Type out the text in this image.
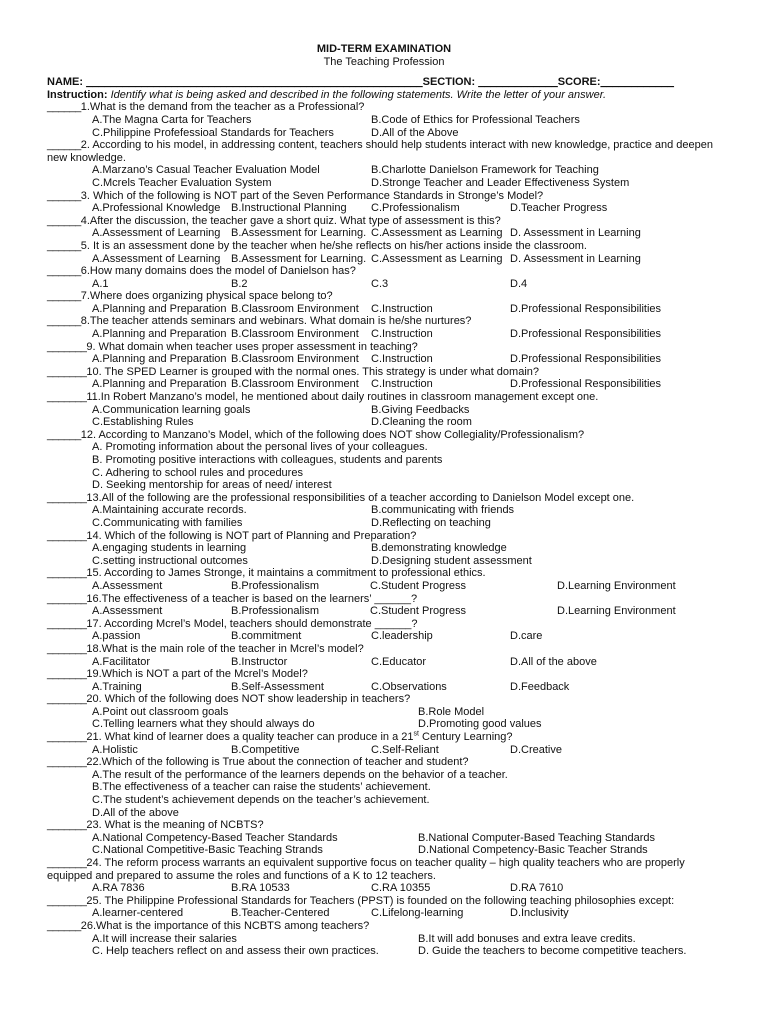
MID-TERM EXAMINATION
The Teaching Profession
NAME: _______________________________________________________SECTION: _____________SCORE:____________
Instruction: Identify what is being asked and described in the following statements. Write the letter of your answer.
______1.What is the demand from the teacher as a Professional?
A.The Magna Carta for Teachers	B.Code of Ethics for Professional Teachers
C.Philippine Profefessioal Standards for Teachers	D.All of the Above
______2. According to his model, in addressing content, teachers should help students interact with new knowledge, practice and deepen new knowledge.
A.Marzano’s Casual Teacher Evaluation Model	B.Charlotte Danielson Framework for Teaching
C.Mcrels Teacher Evaluation System	D.Stronge Teacher and Leader Effectiveness System
______3. Which of the following is NOT part of the Seven Performance Standards in Stronge’s Model?
A.Professional Knowledge B.Instructional Planning C.Professionalism	D.Teacher Progress
______4.After the discussion, the teacher gave a short quiz. What type of assessment is this?
A.Assessment of Learning B.Assessment for Learning. C.Assessment as Learning D. Assessment in Learning
______5. It is an assessment done by the teacher when he/she reflects on his/her actions inside the classroom.
A.Assessment of Learning B.Assessment for Learning. C.Assessment as Learning D. Assessment in Learning
______6.How many domains does the model of Danielson has?
A.1	B.2	C.3	D.4
______7.Where does organizing physical space belong to?
A.Planning and Preparation B.Classroom Environment C.Instruction	D.Professional Responsibilities
______8.The teacher attends seminars and webinars. What domain is he/she nurtures?
A.Planning and Preparation B.Classroom Environment C.Instruction	D.Professional Responsibilities
_______9. What domain when teacher uses proper assessment in teaching?
A.Planning and Preparation B.Classroom Environment C.Instruction	D.Professional Responsibilities
_______10. The SPED Learner is grouped with the normal ones. This strategy is under what domain?
A.Planning and Preparation B.Classroom Environment C.Instruction	D.Professional Responsibilities
_______11.In Robert Manzano’s model, he mentioned about daily routines in classroom management except one.
A.Communication learning goals	B.Giving Feedbacks
C.Establishing Rules	D.Cleaning the room
______12. According to Manzano’s Model, which of the following does NOT show Collegiality/Professionalism?
A. Promoting information about the personal lives of your colleagues.
B. Promoting positive interactions with colleagues, students and parents
C. Adhering to school rules and procedures
D. Seeking mentorship for areas of need/ interest
_______13.All of the following are the professional responsibilities of a teacher according to Danielson Model except one.
A.Maintaining accurate records.	B.communicating with friends
C.Communicating with families	D.Reflecting on teaching
_______14. Which of the following is NOT part of Planning and Preparation?
A.engaging students in learning	B.demonstrating knowledge
C.setting instructional outcomes	D.Designing student assessment
_______15. According to James Stronge, it maintains a commitment to professional ethics.
A.Assessment	B.Professionalism	C.Student Progress	D.Learning Environment
_______16.The effectiveness of a teacher is based on the learners’ ______?
A.Assessment	B.Professionalism	C.Student Progress	D.Learning Environment
_______17. According Mcrel’s Model, teachers should demonstrate ______?
A.passion	B.commitment	C.leadership	D.care
_______18.What is the main role of the teacher in Mcrel’s model?
A.Facilitator	B.Instructor	C.Educator	D.All of the above
_______19.Which is NOT a part of the Mcrel’s Model?
A.Training	B.Self-Assessment	C.Observations	D.Feedback
_______20. Which of the following does NOT show leadership in teachers?
A.Point out classroom goals	B.Role Model
C.Telling learners what they should always do	D.Promoting good values
_______21. What kind of learner does a quality teacher can produce in a 21st Century Learning?
A.Holistic	B.Competitive	C.Self-Reliant	D.Creative
_______22.Which of the following is True about the connection of teacher and student?
A.The result of the performance of the learners depends on the behavior of a teacher.
B.The effectiveness of a teacher can raise the students’ achievement.
C.The student’s achievement depends on the teacher’s achievement.
D.All of the above
_______23. What is the meaning of NCBTS?
A.National Competency-Based Teacher Standards	B.National Computer-Based Teaching Standards
C.National Competitive-Basic Teaching Strands	D.National Competency-Basic Teacher Strands
_______24. The reform process warrants an equivalent supportive focus on teacher quality – high quality teachers who are properly equipped and prepared to assume the roles and functions of a K to 12 teachers.
A.RA 7836	B.RA 10533	C.RA 10355	D.RA 7610
_______25. The Philippine Professional Standards for Teachers (PPST) is founded on the following teaching philosophies except:
A.learner-centered	B.Teacher-Centered	C.Lifelong-learning	D.Inclusivity
______26.What is the importance of this NCBTS among teachers?
A.It will increase their salaries	B.It will add bonuses and extra leave credits.
C. Help teachers reflect on and assess their own practices.	D. Guide the teachers to become competitive teachers.
